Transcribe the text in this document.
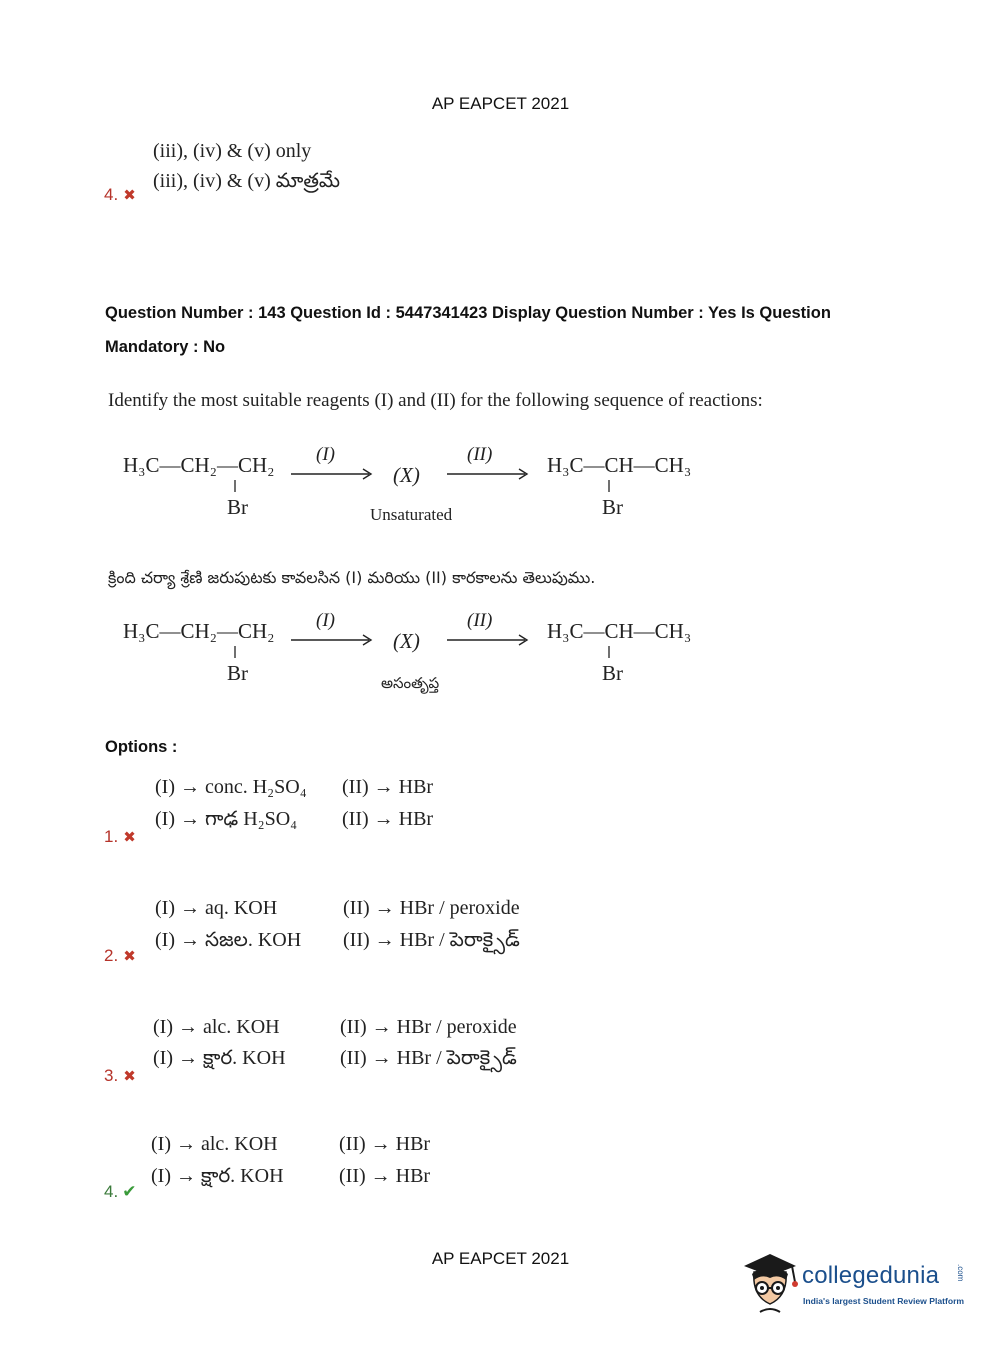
AP EAPCET 2021
(iii), (iv) & (v) only
(iii), (iv) & (v) మాత్రమే
4. ✖
Question Number : 143 Question Id : 5447341423 Display Question Number : Yes Is Question
Mandatory : No
Identify the most suitable reagents (I) and (II) for the following sequence of reactions:
H₃C—CH₂—CH₂
Br
(I)
(X)
Unsaturated
(II)	H₃C—CH—CH₃
Br
క్రింది చర్యా శ్రేణి జరుపుటకు కావలసిన (I) మరియు (II) కారకాలను తెలుపుము.
H₃C—CH₂—CH₂
Br
(I)
(X)
అసంతృప్త
(II)	H₃C—CH—CH₃
Br
Options :
(I) → conc. H₂SO₄ (II) → HBr
(I) → గాఢ H₂SO₄ (II) → HBr
1. ✖
(I) → aq. KOH	(II) → HBr / peroxide
(I) → సజల. KOH (II) → HBr / పెరాక్సైడ్
2. ✖
(I) → alc. KOH	(II) → HBr / peroxide
(I) → క్షార. KOH	(II) → HBr / పెరాక్సైడ్
3. ✖
(I) → alc. KOH	(II) → HBr
(I) → క్షార. KOH	(II) → HBr
4. ✔
AP EAPCET 2021
collegedunia .com
India's largest Student Review Platform
